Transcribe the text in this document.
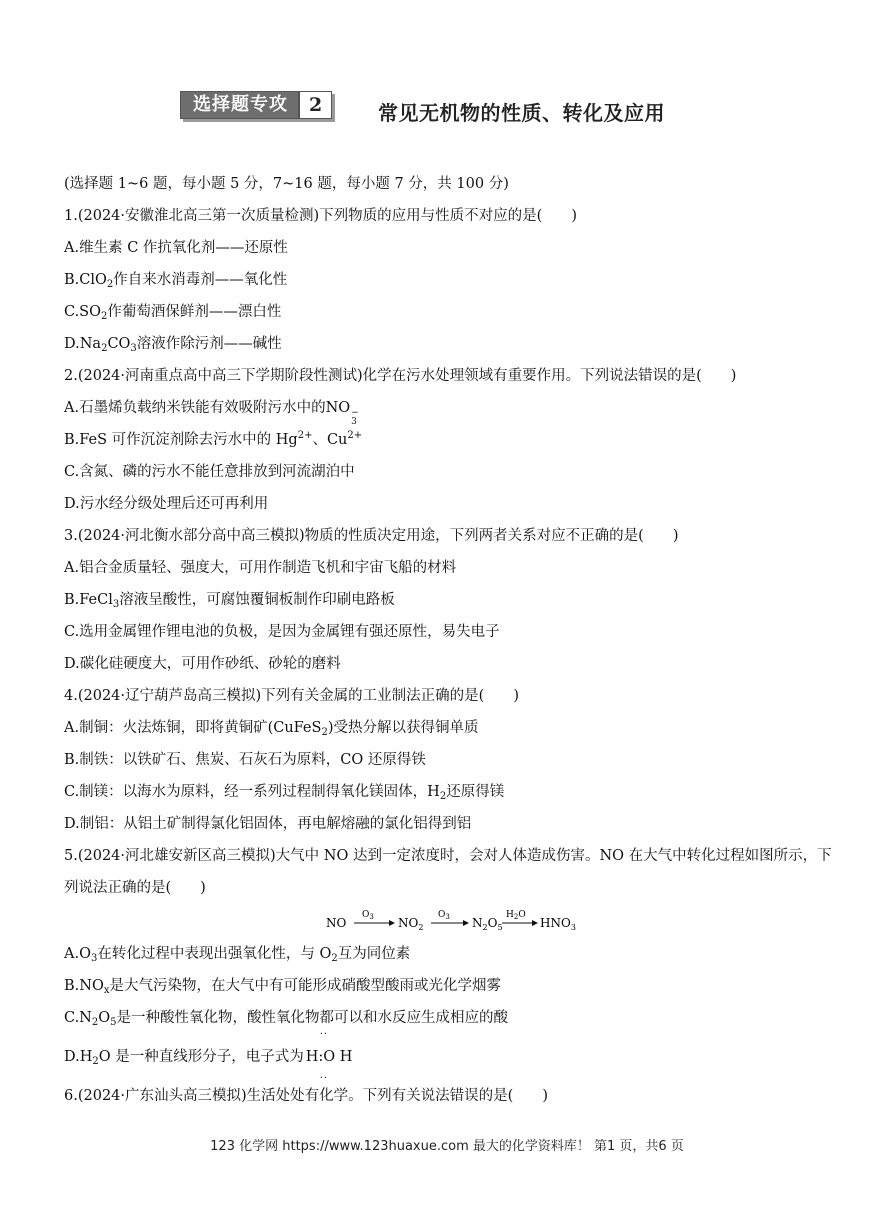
选择题专攻	2	常见无机物的性质、转化及应用
(选择题 1~6 题，每小题 5 分，7~16 题，每小题 7 分，共 100 分)
1.(2024·安徽淮北高三第一次质量检测)下列物质的应用与性质不对应的是(　　)
A.维生素 C 作抗氧化剂——还原性
B.ClO$_2$作自来水消毒剂——氧化性
$C.SO_2$作葡萄酒保鲜剂——漂白性
$D.Na_2CO_3$溶液作除污剂——碱性
2.(2024·河南重点高中高三下学期阶段性测试)化学在污水处理领域有重要作用。下列说法错误的是(　　)
A.石墨烯负载纳米铁能有效吸附污水中的NO −
3
B.FeS 可作沉淀剂除去污水中的 $Hg^{2+}$、$Cu^{2+}$
C.含氮、磷的污水不能任意排放到河流湖泊中
D.污水经分级处理后还可再利用
3.(2024·河北衡水部分高中高三模拟)物质的性质决定用途，下列两者关系对应不正确的是(　　)
A.铝合金质量轻、强度大，可用作制造飞机和宇宙飞船的材料
B.FeCl$_3$溶液呈酸性，可腐蚀覆铜板制作印刷电路板
C.选用金属锂作锂电池的负极，是因为金属锂有强还原性，易失电子
D.碳化硅硬度大，可用作砂纸、砂轮的磨料
4.(2024·辽宁葫芦岛高三模拟)下列有关金属的工业制法正确的是(　　)
A.制铜：火法炼铜，即将黄铜矿(CuFeS$_2$)受热分解以获得铜单质
B.制铁：以铁矿石、焦炭、石灰石为原料，CO 还原得铁
C.制镁：以海水为原料，经一系列过程制得氧化镁固体，$H_2$还原得镁
D.制铝：从铝土矿制得氯化铝固体，再电解熔融的氯化铝得到铝
5.(2024·河北雄安新区高三模拟)大气中 NO 达到一定浓度时，会对人体造成伤害。NO 在大气中转化过程如图所示，下列说法正确的是(　　)
NO
$O_3$ $NO_2$
$O_3$ $N_2O_5$
$H_2O$
$HNO_3$
$A.O_3$在转化过程中表现出强氧化性，与 $O_2$互为同位素
$B.NO_x$是大气污染物，在大气中有可能形成硝酸型酸雨或光化学烟雾
$C.N_2O_5$是一种酸性氧化物，酸性氧化物都可以和水反应生成相应的酸
$D.H_2O$ 是一种直线形分子，电子式为
··
H:O H
··
6.(2024·广东汕头高三模拟)生活处处有化学。下列有关说法错误的是(　　)
123 化学网 https://www.123huaxue.com 最大的化学资料库！ 第1 页，共6 页
